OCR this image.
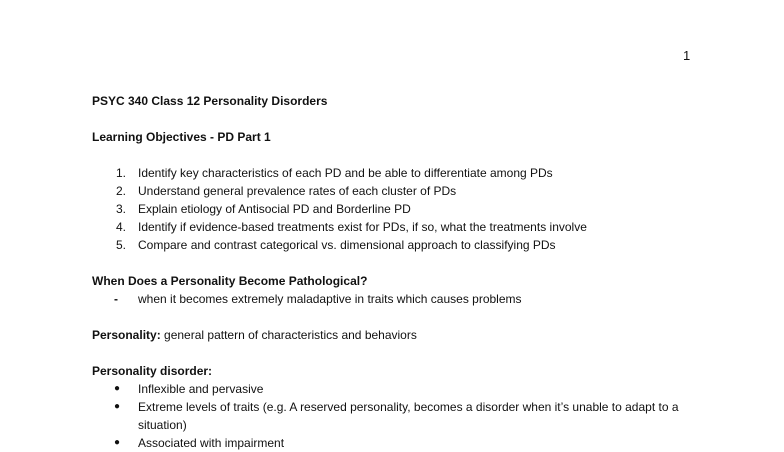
1

PSYC 340 Class 12 Personality Disorders

Learning Objectives - PD Part 1

1. Identify key characteristics of each PD and be able to differentiate among PDs
2. Understand general prevalence rates of each cluster of PDs
3. Explain etiology of Antisocial PD and Borderline PD
4. Identify if evidence-based treatments exist for PDs, if so, what the treatments involve
5. Compare and contrast categorical vs. dimensional approach to classifying PDs

When Does a Personality Become Pathological?

- when it becomes extremely maladaptive in traits which causes problems

Personality: general pattern of characteristics and behaviors

Personality disorder:

● Inflexible and pervasive
● Extreme levels of traits (e.g. A reserved personality, becomes a disorder when it’s unable to adapt to a situation)
● Associated with impairment
